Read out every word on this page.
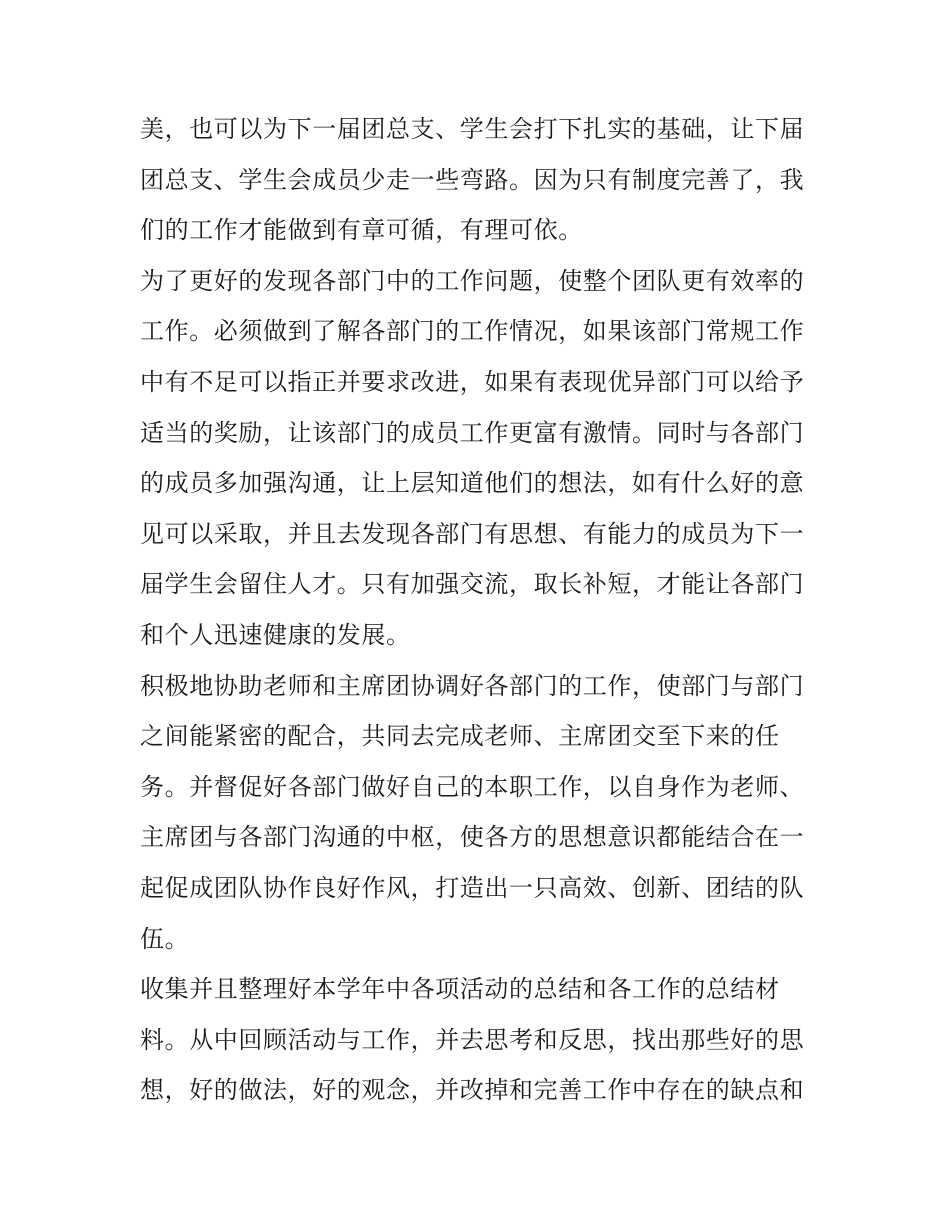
美，也可以为下一届团总支、学生会打下扎实的基础，让下届
团总支、学生会成员少走一些弯路。因为只有制度完善了，我
们的工作才能做到有章可循，有理可依。
为了更好的发现各部门中的工作问题，使整个团队更有效率的
工作。必须做到了解各部门的工作情况，如果该部门常规工作
中有不足可以指正并要求改进，如果有表现优异部门可以给予
适当的奖励，让该部门的成员工作更富有激情。同时与各部门
的成员多加强沟通，让上层知道他们的想法，如有什么好的意
见可以采取，并且去发现各部门有思想、有能力的成员为下一
届学生会留住人才。只有加强交流，取长补短，才能让各部门
和个人迅速健康的发展。
积极地协助老师和主席团协调好各部门的工作，使部门与部门
之间能紧密的配合，共同去完成老师、主席团交至下来的任
务。并督促好各部门做好自己的本职工作，以自身作为老师、
主席团与各部门沟通的中枢，使各方的思想意识都能结合在一
起促成团队协作良好作风，打造出一只高效、创新、团结的队
伍。
收集并且整理好本学年中各项活动的总结和各工作的总结材
料。从中回顾活动与工作，并去思考和反思，找出那些好的思
想，好的做法，好的观念，并改掉和完善工作中存在的缺点和
